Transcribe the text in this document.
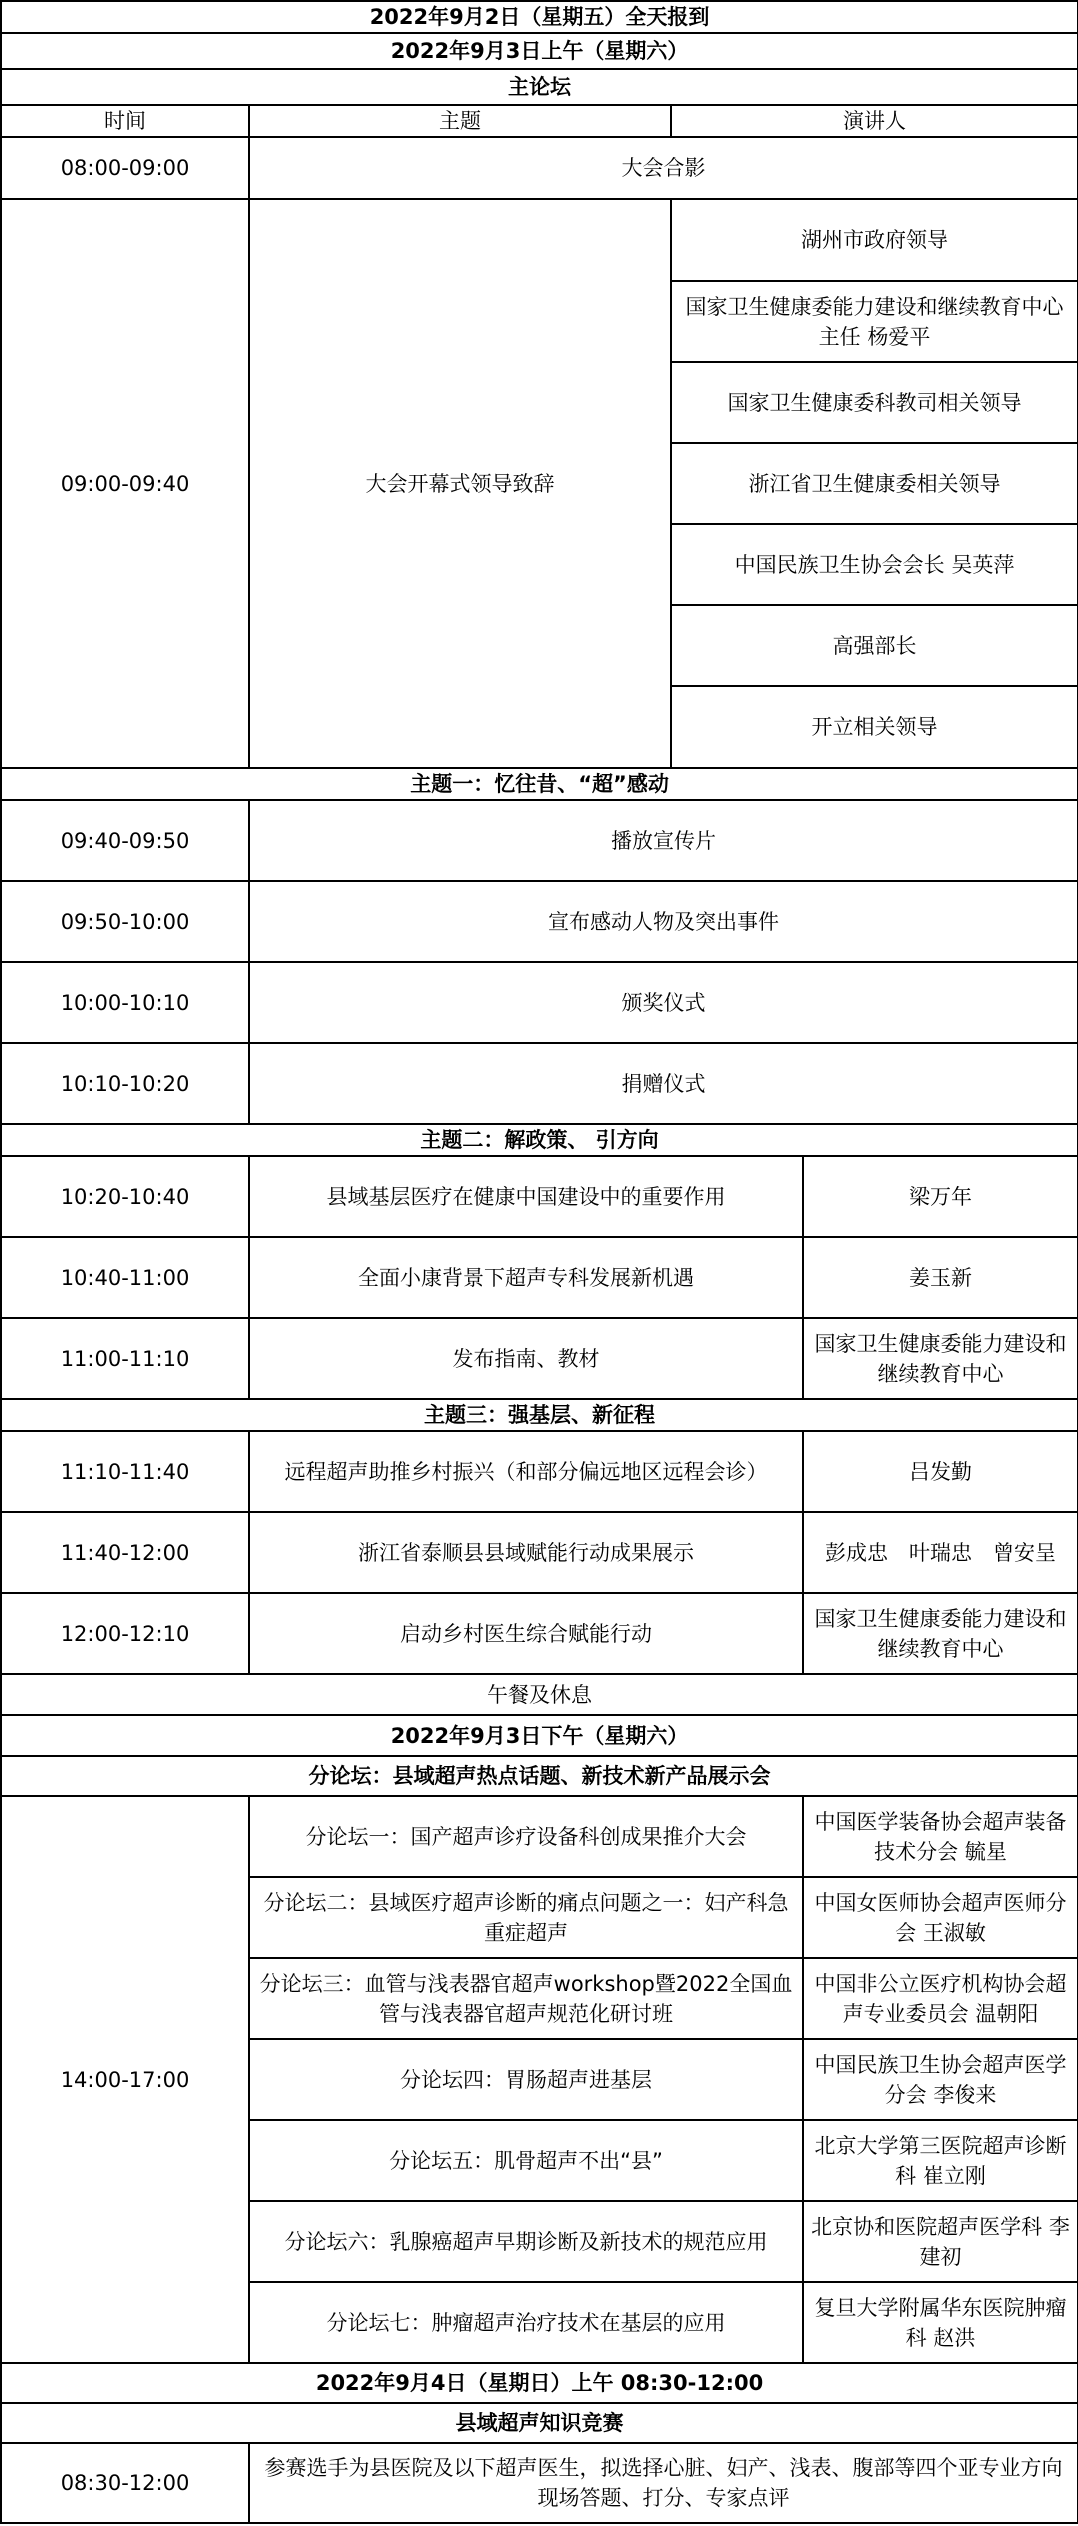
2022年9月2日（星期五）全天报到			
2022年9月3日上午（星期六）			
主论坛			
时间	主题	演讲人	
08:00-09:00	大会合影		
09:00-09:40	大会开幕式领导致辞	湖州市政府领导	
		国家卫生健康委能力建设和继续教育中心主任 杨爱平	
		国家卫生健康委科教司相关领导	
		浙江省卫生健康委相关领导	
		中国民族卫生协会会长 吴英萍	
		高强部长	
		开立相关领导	
主题一：忆往昔、“超”感动			
09:40-09:50	播放宣传片		
09:50-10:00	宣布感动人物及突出事件		
10:00-10:10	颁奖仪式		
10:10-10:20	捐赠仪式		
主题二：解政策、 引方向			
10:20-10:40	县域基层医疗在健康中国建设中的重要作用		梁万年
10:40-11:00	全面小康背景下超声专科发展新机遇		姜玉新
11:00-11:10	发布指南、教材		国家卫生健康委能力建设和继续教育中心
主题三：强基层、新征程			
11:10-11:40	远程超声助推乡村振兴（和部分偏远地区远程会诊）		吕发勤
11:40-12:00	浙江省泰顺县县域赋能行动成果展示		彭成忠　叶瑞忠　曾安呈
12:00-12:10	启动乡村医生综合赋能行动		国家卫生健康委能力建设和继续教育中心
午餐及休息			
2022年9月3日下午（星期六）			
分论坛：县域超声热点话题、新技术新产品展示会			
14:00-17:00	分论坛一：国产超声诊疗设备科创成果推介大会		中国医学装备协会超声装备技术分会 毓星
	分论坛二：县域医疗超声诊断的痛点问题之一：妇产科急重症超声		中国女医师协会超声医师分会 王淑敏
	分论坛三：血管与浅表器官超声workshop暨2022全国血管与浅表器官超声规范化研讨班		中国非公立医疗机构协会超声专业委员会 温朝阳
	分论坛四：胃肠超声进基层		中国民族卫生协会超声医学分会 李俊来
	分论坛五：肌骨超声不出“县”		北京大学第三医院超声诊断科 崔立刚
	分论坛六：乳腺癌超声早期诊断及新技术的规范应用		北京协和医院超声医学科 李建初
	分论坛七：肿瘤超声治疗技术在基层的应用		复旦大学附属华东医院肿瘤科 赵洪
2022年9月4日（星期日）上午 08:30-12:00			
县域超声知识竞赛			
08:30-12:00	参赛选手为县医院及以下超声医生，拟选择心脏、妇产、浅表、腹部等四个亚专业方向现场答题、打分、专家点评		
